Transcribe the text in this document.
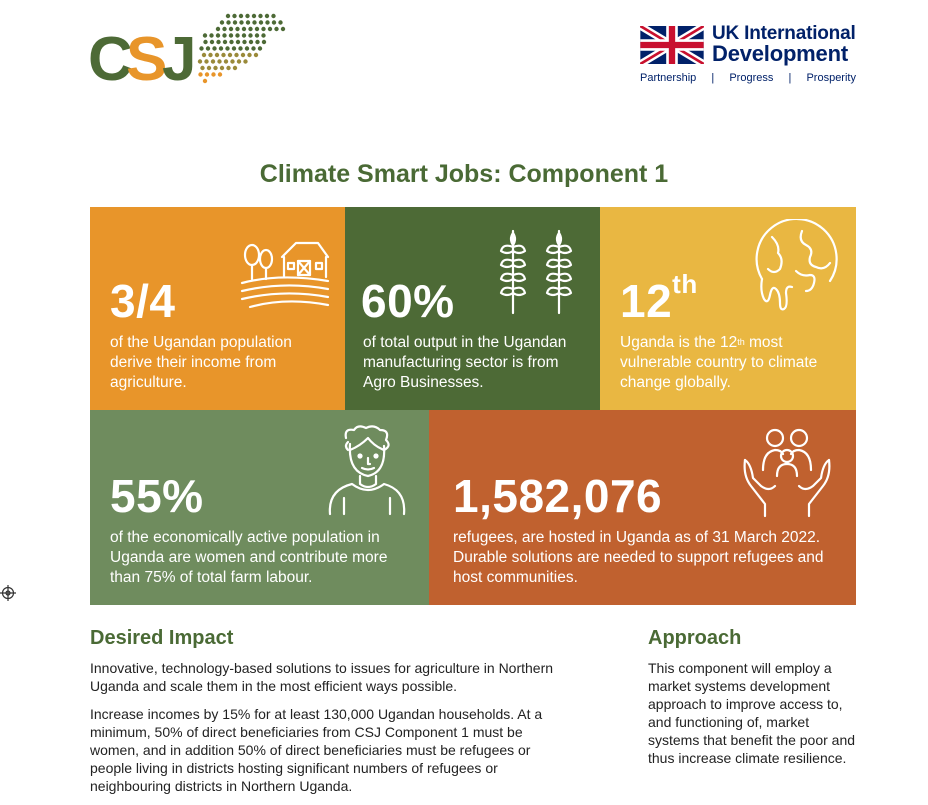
C S J	UK International
Development
Partnership | Progress | Prosperity
Climate Smart Jobs: Component 1
3/4
of the Ugandan population derive their income from agriculture.
60%
of total output in the Ugandan manufacturing sector is from Agro Businesses.
12th
Uganda is the 12th most vulnerable country to climate change globally.
55%
of the economically active population in Uganda are women and contribute more than 75% of total farm labour.
1,582,076
refugees, are hosted in Uganda as of 31 March 2022. Durable solutions are needed to support refugees and host communities.
Desired Impact
Innovative, technology-based solutions to issues for agriculture in Northern Uganda and scale them in the most efficient ways possible.
Increase incomes by 15% for at least 130,000 Ugandan households. At a minimum, 50% of direct beneficiaries from CSJ Component 1 must be women, and in addition 50% of direct beneficiaries must be refugees or people living in districts hosting significant numbers of refugees or neighbouring districts in Northern Uganda.
Approach
This component will employ a market systems development approach to improve access to, and functioning of, market systems that benefit the poor and thus increase climate resilience.
